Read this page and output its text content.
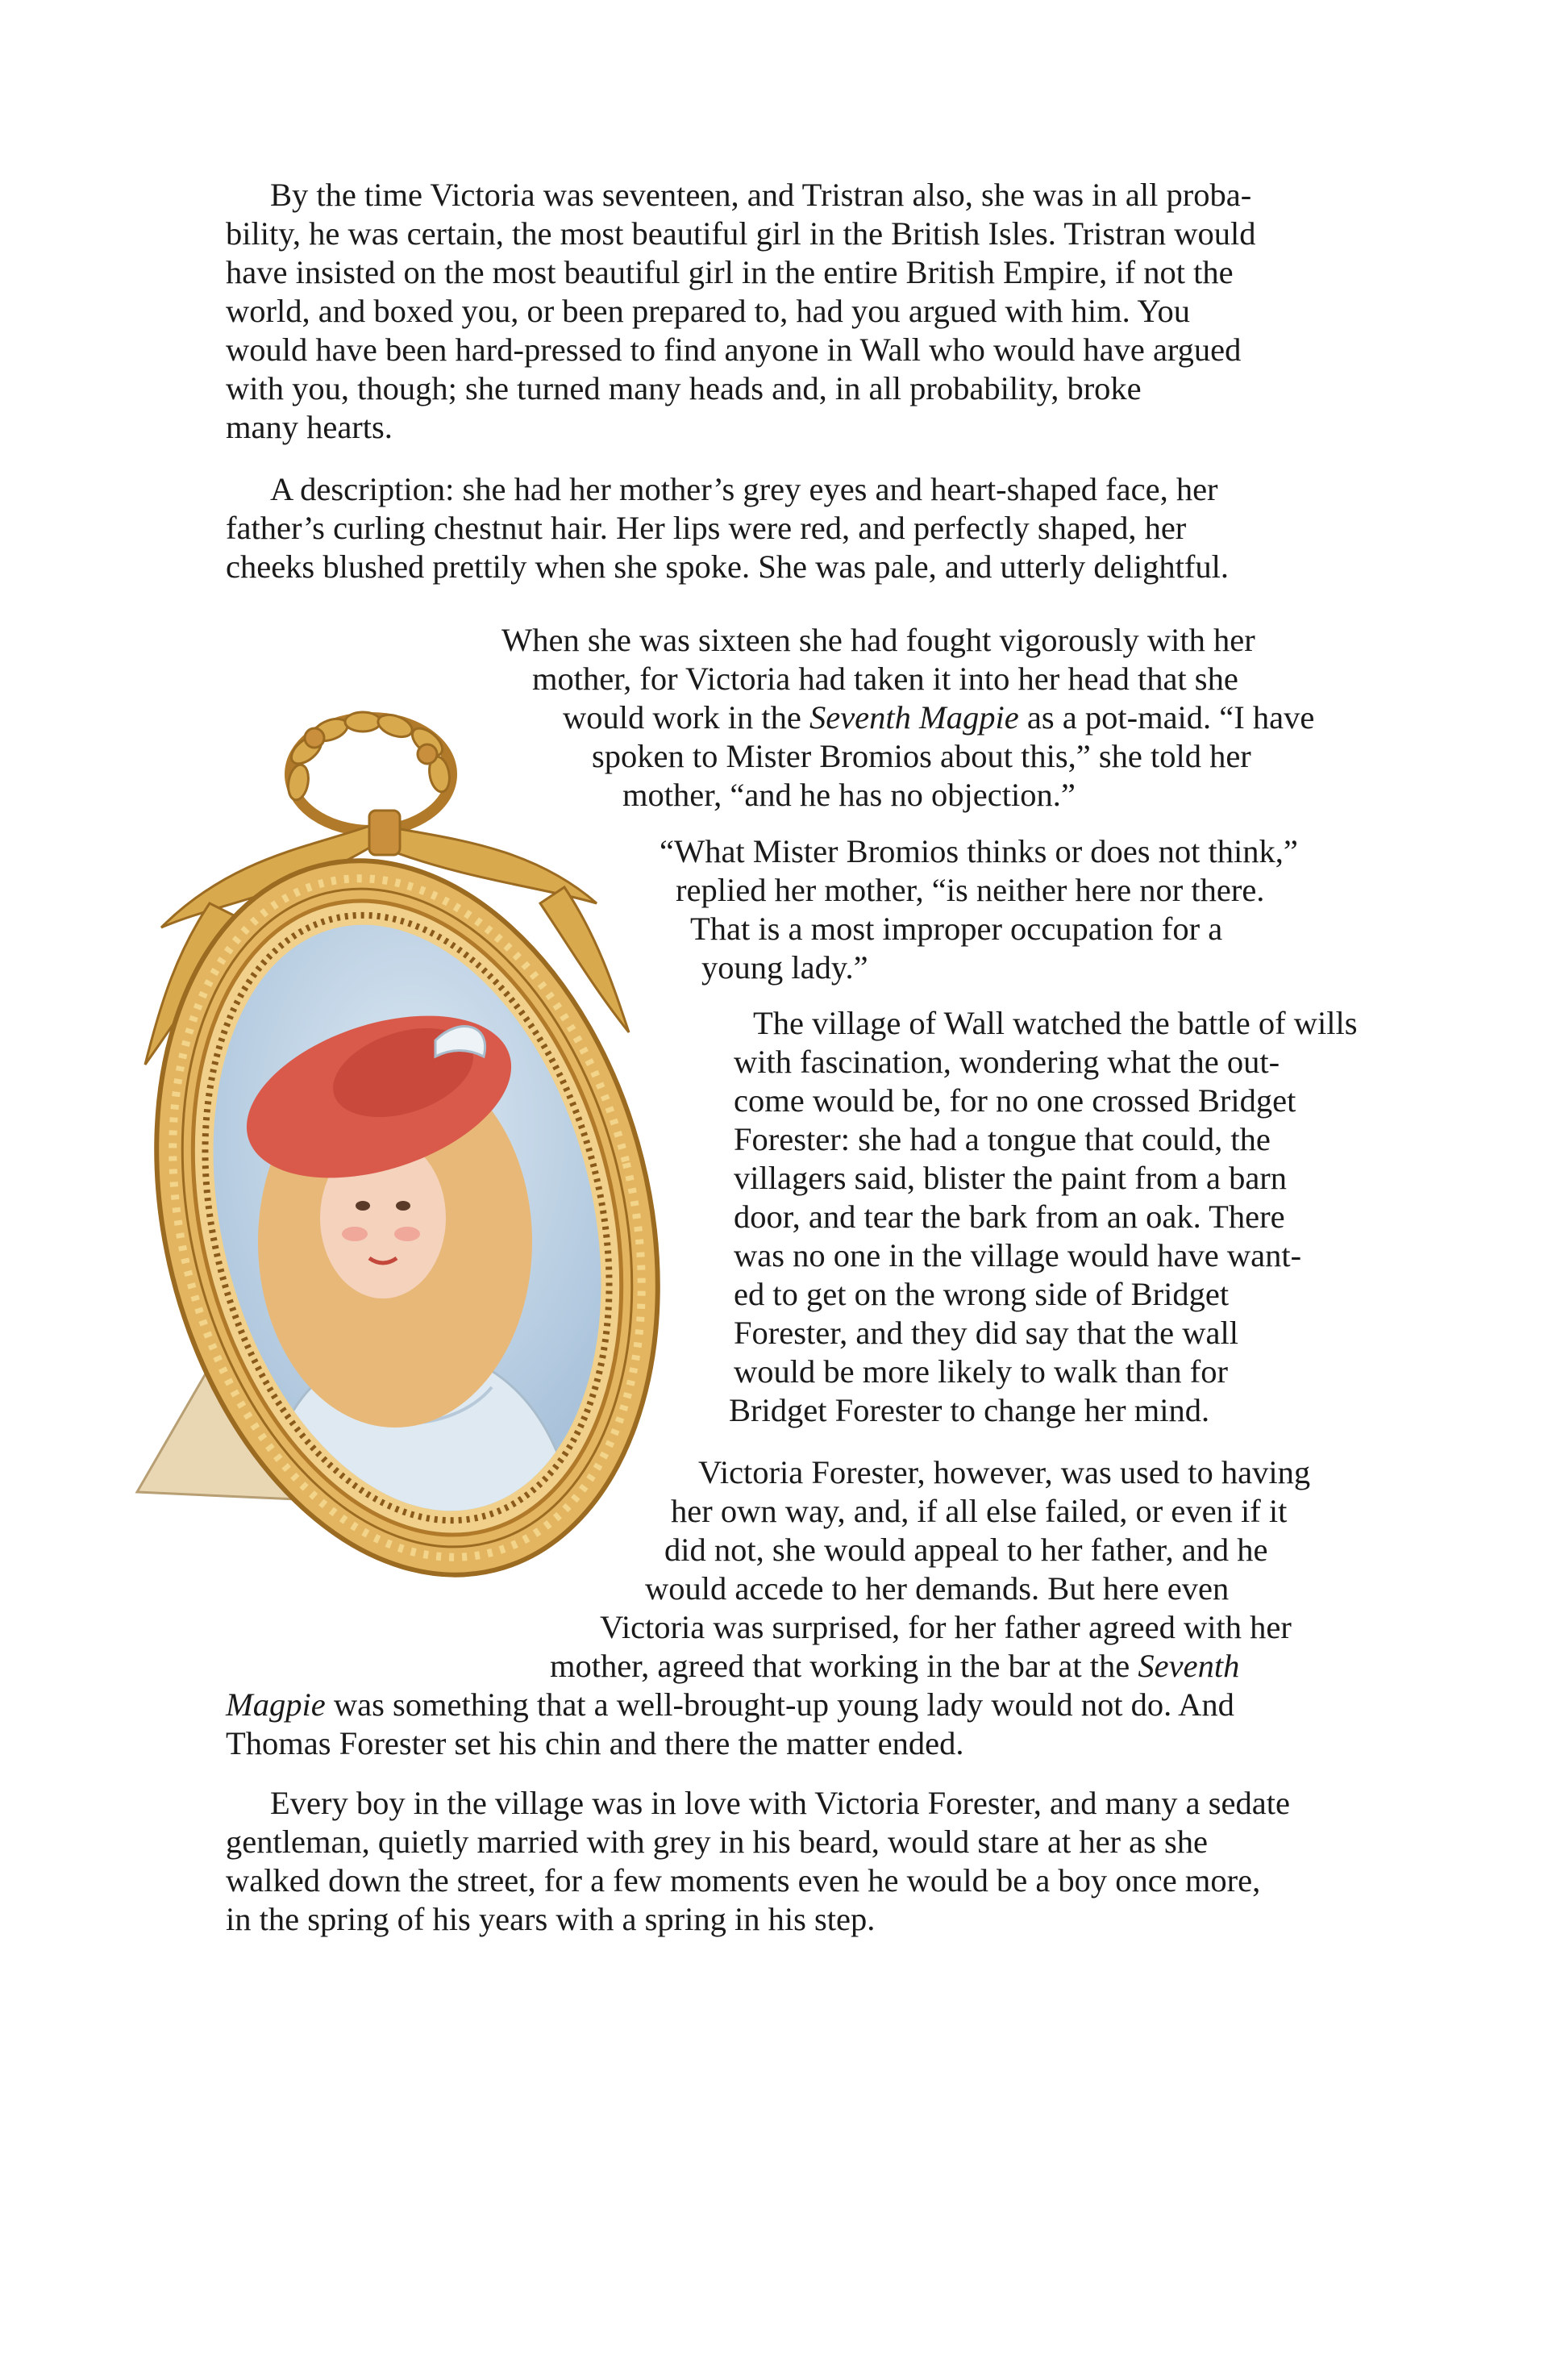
By the time Victoria was seventeen, and Tristran also, she was in all proba-
bility, he was certain, the most beautiful girl in the British Isles. Tristran would
have insisted on the most beautiful girl in the entire British Empire, if not the
world, and boxed you, or been prepared to, had you argued with him. You
would have been hard-pressed to find anyone in Wall who would have argued
with you, though; she turned many heads and, in all probability, broke
many hearts.
A description: she had her mother’s grey eyes and heart-shaped face, her
father’s curling chestnut hair. Her lips were red, and perfectly shaped, her
cheeks blushed prettily when she spoke. She was pale, and utterly delightful.
When she was sixteen she had fought vigorously with her
mother, for Victoria had taken it into her head that she
would work in the Seventh Magpie as a pot-maid. “I have
spoken to Mister Bromios about this,” she told her
mother, “and he has no objection.”
“What Mister Bromios thinks or does not think,”
replied her mother, “is neither here nor there.
That is a most improper occupation for a
young lady.”
The village of Wall watched the battle of wills
with fascination, wondering what the out-
come would be, for no one crossed Bridget
Forester: she had a tongue that could, the
villagers said, blister the paint from a barn
door, and tear the bark from an oak. There
was no one in the village would have want-
ed to get on the wrong side of Bridget
Forester, and they did say that the wall
would be more likely to walk than for
Bridget Forester to change her mind.
Victoria Forester, however, was used to having
her own way, and, if all else failed, or even if it
did not, she would appeal to her father, and he
would accede to her demands. But here even
Victoria was surprised, for her father agreed with her
mother, agreed that working in the bar at the Seventh
Magpie was something that a well-brought-up young lady would not do. And
Thomas Forester set his chin and there the matter ended.
Every boy in the village was in love with Victoria Forester, and many a sedate
gentleman, quietly married with grey in his beard, would stare at her as she
walked down the street, for a few moments even he would be a boy once more,
in the spring of his years with a spring in his step.
